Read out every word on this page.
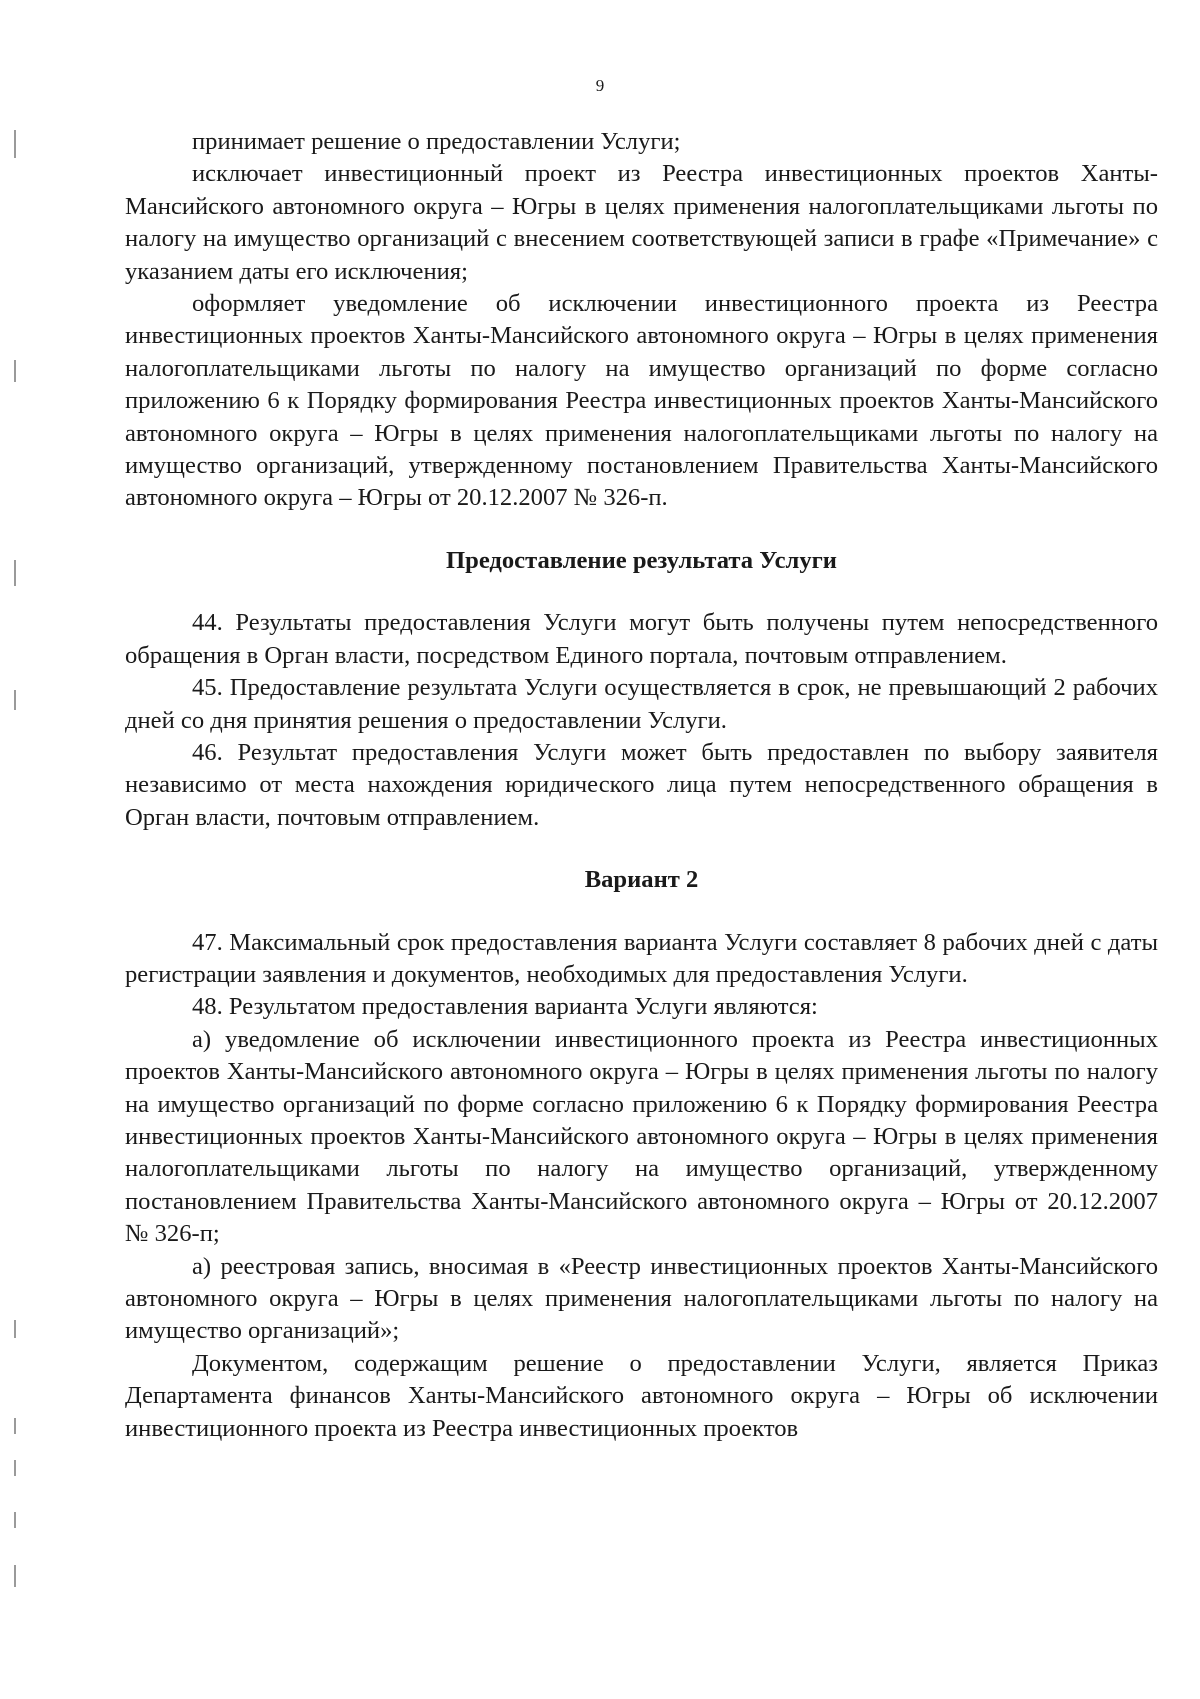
9

принимает решение о предоставлении Услуги;

исключает инвестиционный проект из Реестра инвестиционных проектов Ханты-Мансийского автономного округа – Югры в целях применения налогоплательщиками льготы по налогу на имущество организаций с внесением соответствующей записи в графе «Примечание» с указанием даты его исключения;

оформляет уведомление об исключении инвестиционного проекта из Реестра инвестиционных проектов Ханты-Мансийского автономного округа – Югры в целях применения налогоплательщиками льготы по налогу на имущество организаций по форме согласно приложению 6 к Порядку формирования Реестра инвестиционных проектов Ханты-Мансийского автономного округа – Югры в целях применения налогоплательщиками льготы по налогу на имущество организаций, утвержденному постановлением Правительства Ханты-Мансийского автономного округа – Югры от 20.12.2007 № 326-п.

Предоставление результата Услуги

44. Результаты предоставления Услуги могут быть получены путем непосредственного обращения в Орган власти, посредством Единого портала, почтовым отправлением.

45. Предоставление результата Услуги осуществляется в срок, не превышающий 2 рабочих дней со дня принятия решения о предоставлении Услуги.

46. Результат предоставления Услуги может быть предоставлен по выбору заявителя независимо от места нахождения юридического лица путем непосредственного обращения в Орган власти, почтовым отправлением.

Вариант 2

47. Максимальный срок предоставления варианта Услуги составляет 8 рабочих дней с даты регистрации заявления и документов, необходимых для предоставления Услуги.

48. Результатом предоставления варианта Услуги являются:

а) уведомление об исключении инвестиционного проекта из Реестра инвестиционных проектов Ханты-Мансийского автономного округа – Югры в целях применения льготы по налогу на имущество организаций по форме согласно приложению 6 к Порядку формирования Реестра инвестиционных проектов Ханты-Мансийского автономного округа – Югры в целях применения налогоплательщиками льготы по налогу на имущество организаций, утвержденному постановлением Правительства Ханты-Мансийского автономного округа – Югры от 20.12.2007 № 326-п;

а) реестровая запись, вносимая в «Реестр инвестиционных проектов Ханты-Мансийского автономного округа – Югры в целях применения налогоплательщиками льготы по налогу на имущество организаций»;

Документом, содержащим решение о предоставлении Услуги, является Приказ Департамента финансов Ханты-Мансийского автономного округа – Югры об исключении инвестиционного проекта из Реестра инвестиционных проектов
